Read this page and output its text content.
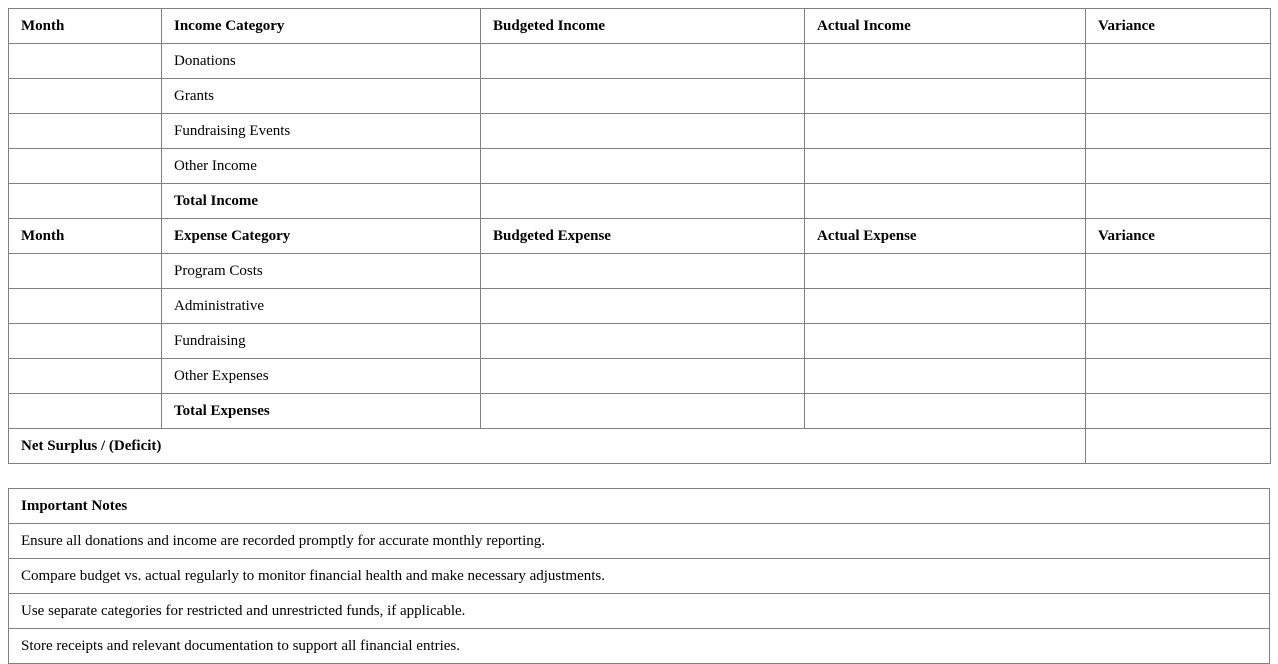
Month	Income Category	Budgeted Income	Actual Income	Variance
	Donations			
	Grants			
	Fundraising Events			
	Other Income			
	Total Income			
Month	Expense Category	Budgeted Expense	Actual Expense	Variance
	Program Costs			
	Administrative			
	Fundraising			
	Other Expenses			
	Total Expenses			
Net Surplus / (Deficit)				
Important Notes
Ensure all donations and income are recorded promptly for accurate monthly reporting.
Compare budget vs. actual regularly to monitor financial health and make necessary adjustments.
Use separate categories for restricted and unrestricted funds, if applicable.
Store receipts and relevant documentation to support all financial entries.
